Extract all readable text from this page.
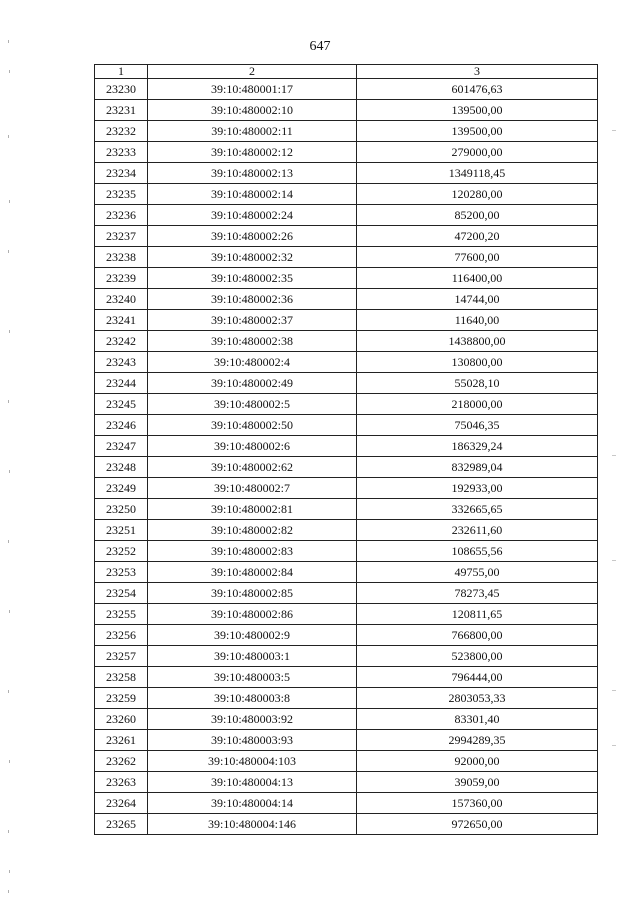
647
1	2	3
23230	39:10:480001:17	601476,63
23231	39:10:480002:10	139500,00
23232	39:10:480002:11	139500,00
23233	39:10:480002:12	279000,00
23234	39:10:480002:13	1349118,45
23235	39:10:480002:14	120280,00
23236	39:10:480002:24	85200,00
23237	39:10:480002:26	47200,20
23238	39:10:480002:32	77600,00
23239	39:10:480002:35	116400,00
23240	39:10:480002:36	14744,00
23241	39:10:480002:37	11640,00
23242	39:10:480002:38	1438800,00
23243	39:10:480002:4	130800,00
23244	39:10:480002:49	55028,10
23245	39:10:480002:5	218000,00
23246	39:10:480002:50	75046,35
23247	39:10:480002:6	186329,24
23248	39:10:480002:62	832989,04
23249	39:10:480002:7	192933,00
23250	39:10:480002:81	332665,65
23251	39:10:480002:82	232611,60
23252	39:10:480002:83	108655,56
23253	39:10:480002:84	49755,00
23254	39:10:480002:85	78273,45
23255	39:10:480002:86	120811,65
23256	39:10:480002:9	766800,00
23257	39:10:480003:1	523800,00
23258	39:10:480003:5	796444,00
23259	39:10:480003:8	2803053,33
23260	39:10:480003:92	83301,40
23261	39:10:480003:93	2994289,35
23262	39:10:480004:103	92000,00
23263	39:10:480004:13	39059,00
23264	39:10:480004:14	157360,00
23265	39:10:480004:146	972650,00
